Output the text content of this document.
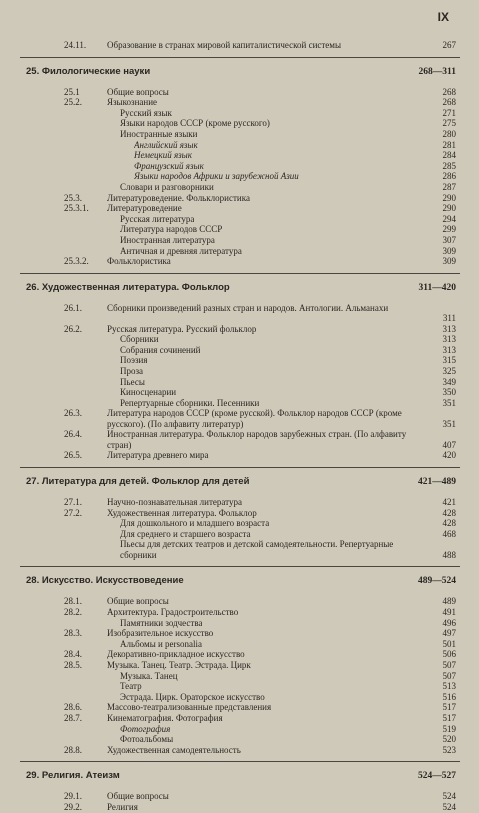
IX
24.11. Образование в странах мировой капиталистической системы	267
25. Филологические науки	268—311
25.1	Общие вопросы	268
25.2.	Языкознание	268
Русский язык	271
Языки народов СССР (кроме русского)	275
Иностранные языки	280
Английский язык	281
Немецкий язык	284
Французский язык	285
Языки народов Африки и зарубежной Азии	286
Словари и разговорники	287
25.3.	Литературоведение. Фольклористика	290
25.3.1. Литературоведение	290
Русская литература	294
Литература народов СССР	299
Иностранная литература	307
Античная и древняя литература	309
25.3.2. Фольклористика	309
26. Художественная литература. Фольклор	311—420
26.1.	Сборники произведений разных стран и народов. Антологии. Альманахи
311
26.2.	Русская литература. Русский фольклор	313
Сборники	313
Собрания сочинений	313
Поэзия	315
Проза	325
Пьесы	349
Киносценарии	350
Репертуарные сборники. Песенники	351
26.3.	Литература народов СССР (кроме русской). Фольклор народов СССР (кроме русского). (По алфавиту литератур)	351
26.4.	Иностранная литература. Фольклор народов зарубежных стран. (По алфавиту стран)	407
26.5.	Литература древнего мира	420
27. Литература для детей. Фольклор для детей	421—489
27.1.	Научно-познавательная литература	421
27.2.	Художественная литература. Фольклор	428
Для дошкольного и младшего возраста	428
Для среднего и старшего возраста	468
Пьесы для детских театров и детской самодеятельности. Репертуарные сборники	488
28. Искусство. Искусствоведение	489—524
28.1.	Общие вопросы	489
28.2.	Архитектура. Градостроительство	491
Памятники зодчества	496
28.3.	Изобразительное искусство	497
Альбомы и personalia	501
28.4.	Декоративно-прикладное искусство	506
28.5.	Музыка. Танец. Театр. Эстрада. Цирк	507
Музыка. Танец	507
Театр	513
Эстрада. Цирк. Ораторское искусство	516
28.6.	Массово-театрализованные представления	517
28.7.	Кинематография. Фотография	517
Фотография	519
Фотоальбомы	520
28.8.	Художественная самодеятельность	523
29. Религия. Атеизм	524—527
29.1.	Общие вопросы	524
29.2.	Религия	524
